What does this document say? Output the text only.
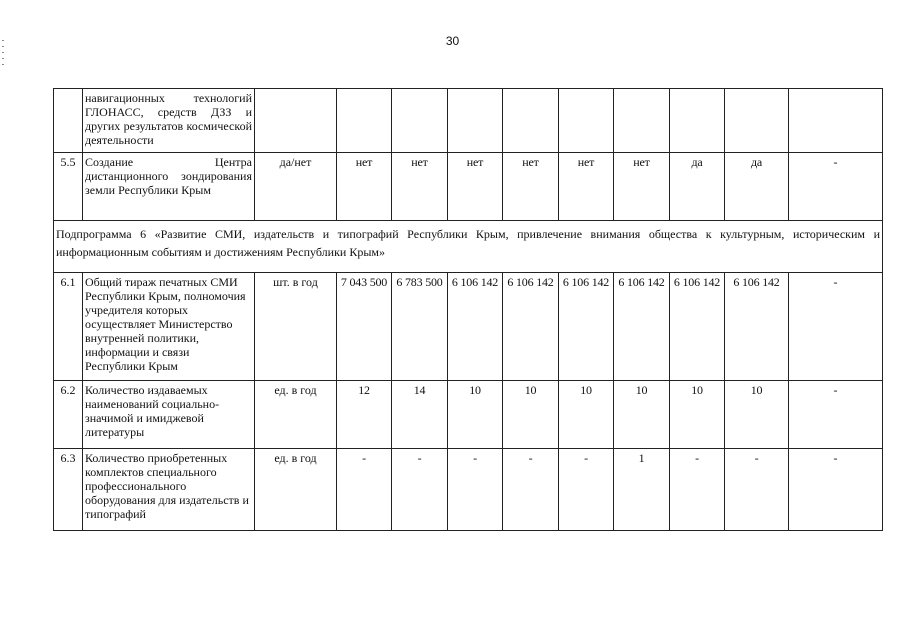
30
	навигационных технологий ГЛОНАСС, средств ДЗЗ и других результатов космической деятельности										
5.5	Создание Центра дистанционного зондирования земли Республики Крым	да/нет	нет	нет	нет	нет	нет	нет	да	да	-
Подпрограмма 6 «Развитие СМИ, издательств и типографий Республики Крым, привлечение внимания общества к культурным, историческим и информационным событиям и достижениям Республики Крым»											
6.1	Общий тираж печатных СМИ Республики Крым, полномочия учредителя которых осуществляет Министерство внутренней политики, информации и связи Республики Крым	шт. в год	7 043 500	6 783 500	6 106 142	6 106 142	6 106 142	6 106 142	6 106 142	6 106 142	-
6.2	Количество издаваемых наименований социально-значимой и имиджевой литературы	ед. в год	12	14	10	10	10	10	10	10	-
6.3	Количество приобретенных комплектов специального профессионального оборудования для издательств и типографий	ед. в год	-	-	-	-	-	1	-	-	-
